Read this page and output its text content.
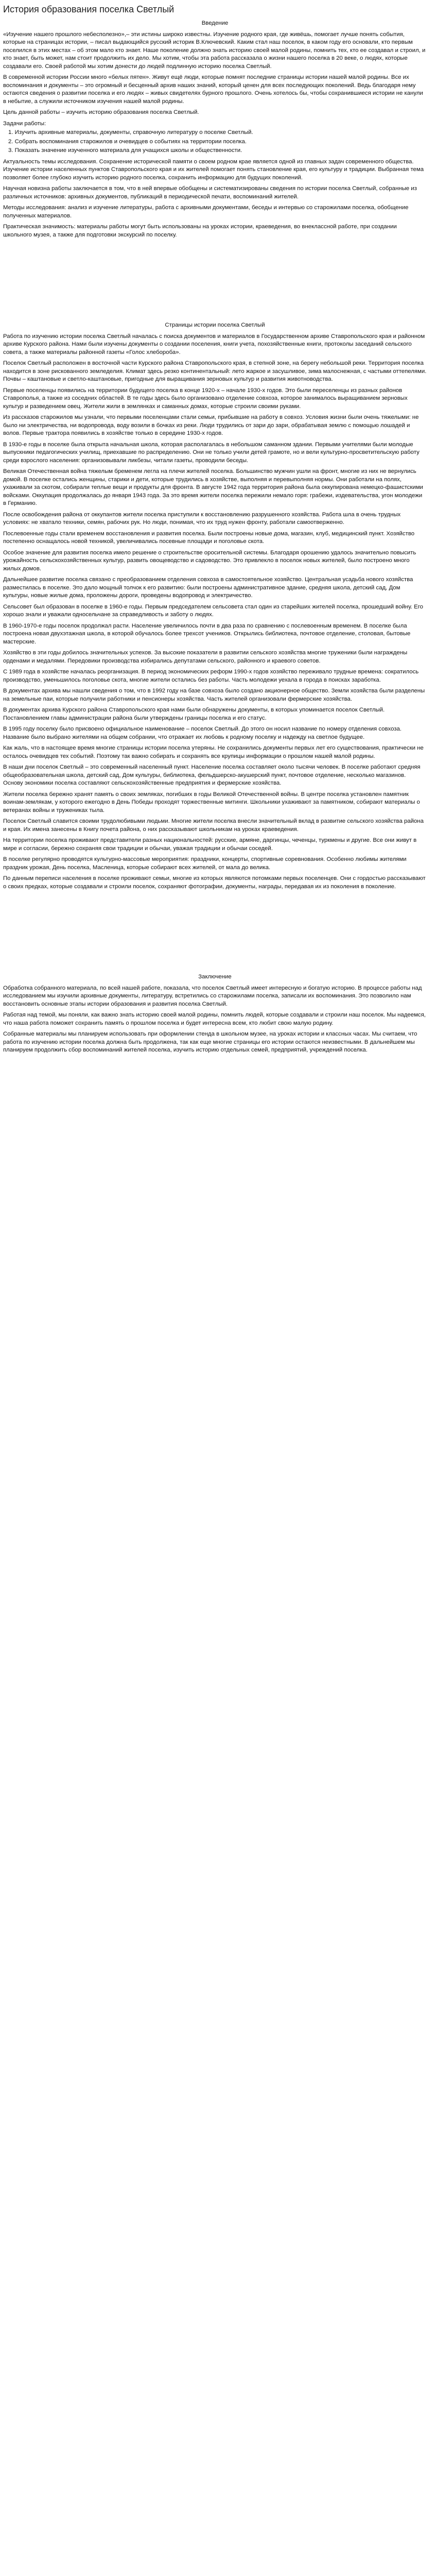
История образования поселка Светлый
Введение

«Изучение нашего прошлого небесполезно»,– эти истины широко известны. Изучение родного края, где живёшь, помогает лучше понять события, которые на страницах истории, – писал выдающийся русский историк В.Ключевский. Каким стал наш поселок, в каком году его основали, кто первым поселился в этих местах – об этом мало кто знает. Наше поколение должно знать историю своей малой родины, помнить тех, кто ее создавал и строил, и кто знает, быть может, нам стоит продолжить их дело. Мы хотим, чтобы эта работа рассказала о жизни нашего поселка в 20 веке, о людях, которые создавали его. Своей работой мы хотим донести до людей подлинную историю поселка Светлый.

В современной истории России много «белых пятен». Живут ещё люди, которые помнят последние страницы истории нашей малой родины. Все их воспоминания и документы – это огромный и бесценный архив наших знаний, который ценен для всех последующих поколений. Ведь благодаря нему остаются сведения о развитии поселка и его людях – живых свидетелях бурного прошлого. Очень хотелось бы, чтобы сохранившиеся истории не канули в небытие, а служили источником изучения нашей малой родины.

Цель данной работы – изучить историю образования поселка Светлый.

Задачи работы:
1. Изучить архивные материалы, документы, справочную литературу о поселке Светлый.
2. Собрать воспоминания старожилов и очевидцев о событиях на территории поселка.
3. Показать значение изученного материала для учащихся школы и общественности.

Актуальность темы исследования. Сохранение исторической памяти о своем родном крае является одной из главных задач современного общества. Изучение истории населенных пунктов Ставропольского края и их жителей помогает понять становление края, его культуру и традиции. Выбранная тема позволяет более глубоко изучить историю родного поселка, сохранить информацию для будущих поколений.

Научная новизна работы заключается в том, что в ней впервые обобщены и систематизированы сведения по истории поселка Светлый, собранные из различных источников: архивных документов, публикаций в периодической печати, воспоминаний жителей.

Методы исследования: анализ и изучение литературы, работа с архивными документами, беседы и интервью со старожилами поселка, обобщение полученных материалов.

Практическая значимость: материалы работы могут быть использованы на уроках истории, краеведения, во внеклассной работе, при создании школьного музея, а также для подготовки экскурсий по поселку.

Страницы истории поселка Светлый

Работа по изучению истории поселка Светлый началась с поиска документов и материалов в Государственном архиве Ставропольского края и районном архиве Курского района. Нами были изучены документы о создании поселения, книги учета, похозяйственные книги, протоколы заседаний сельского совета, а также материалы районной газеты «Голос хлебороба».

Поселок Светлый расположен в восточной части Курского района Ставропольского края, в степной зоне, на берегу небольшой реки. Территория поселка находится в зоне рискованного земледелия. Климат здесь резко континентальный: лето жаркое и засушливое, зима малоснежная, с частыми оттепелями. Почвы – каштановые и светло-каштановые, пригодные для выращивания зерновых культур и развития животноводства.

Первые поселенцы появились на территории будущего поселка в конце 1920-х – начале 1930-х годов. Это были переселенцы из разных районов Ставрополья, а также из соседних областей. В те годы здесь было организовано отделение совхоза, которое занималось выращиванием зерновых культур и разведением овец. Жители жили в землянках и саманных домах, которые строили своими руками.

Из рассказов старожилов мы узнали, что первыми поселенцами стали семьи, прибывшие на работу в совхоз. Условия жизни были очень тяжелыми: не было ни электричества, ни водопровода, воду возили в бочках из реки. Люди трудились от зари до зари, обрабатывая землю с помощью лошадей и волов. Первые трактора появились в хозяйстве только в середине 1930-х годов.

В 1930-е годы в поселке была открыта начальная школа, которая располагалась в небольшом саманном здании. Первыми учителями были молодые выпускники педагогических училищ, приехавшие по распределению. Они не только учили детей грамоте, но и вели культурно-просветительскую работу среди взрослого населения: организовывали ликбезы, читали газеты, проводили беседы.

Великая Отечественная война тяжелым бременем легла на плечи жителей поселка. Большинство мужчин ушли на фронт, многие из них не вернулись домой. В поселке остались женщины, старики и дети, которые трудились в хозяйстве, выполняя и перевыполняя нормы. Они работали на полях, ухаживали за скотом, собирали теплые вещи и продукты для фронта. В августе 1942 года территория района была оккупирована немецко-фашистскими войсками. Оккупация продолжалась до января 1943 года. За это время жители поселка пережили немало горя: грабежи, издевательства, угон молодежи в Германию.

После освобождения района от оккупантов жители поселка приступили к восстановлению разрушенного хозяйства. Работа шла в очень трудных условиях: не хватало техники, семян, рабочих рук. Но люди, понимая, что их труд нужен фронту, работали самоотверженно.

Послевоенные годы стали временем восстановления и развития поселка. Были построены новые дома, магазин, клуб, медицинский пункт. Хозяйство постепенно оснащалось новой техникой, увеличивались посевные площади и поголовье скота.

Особое значение для развития поселка имело решение о строительстве оросительной системы. Благодаря орошению удалось значительно повысить урожайность сельскохозяйственных культур, развить овощеводство и садоводство. Это привлекло в поселок новых жителей, было построено много жилых домов.

Дальнейшее развитие поселка связано с преобразованием отделения совхоза в самостоятельное хозяйство. Центральная усадьба нового хозяйства разместилась в поселке. Это дало мощный толчок к его развитию: были построены административное здание, средняя школа, детский сад, Дом культуры, новые жилые дома, проложены дороги, проведены водопровод и электричество.

Сельсовет был образован в поселке в 1960-е годы. Первым председателем сельсовета стал один из старейших жителей поселка, прошедший войну. Его хорошо знали и уважали односельчане за справедливость и заботу о людях.

В 1960-1970-е годы поселок продолжал расти. Население увеличилось почти в два раза по сравнению с послевоенным временем. В поселке была построена новая двухэтажная школа, в которой обучалось более трехсот учеников. Открылись библиотека, почтовое отделение, столовая, бытовые мастерские.

Хозяйство в эти годы добилось значительных успехов. За высокие показатели в развитии сельского хозяйства многие труженики были награждены орденами и медалями. Передовики производства избирались депутатами сельского, районного и краевого советов.

С 1989 года в хозяйстве началась реорганизация. В период экономических реформ 1990-х годов хозяйство переживало трудные времена: сократилось производство, уменьшилось поголовье скота, многие жители остались без работы. Часть молодежи уехала в города в поисках заработка.

В документах архива мы нашли сведения о том, что в 1992 году на базе совхоза было создано акционерное общество. Земли хозяйства были разделены на земельные паи, которые получили работники и пенсионеры хозяйства. Часть жителей организовали фермерские хозяйства.

В документах архива Курского района Ставропольского края нами были обнаружены документы, в которых упоминается поселок Светлый. Постановлением главы администрации района были утверждены границы поселка и его статус.

В 1995 году поселку было присвоено официальное наименование – поселок Светлый. До этого он носил название по номеру отделения совхоза. Название было выбрано жителями на общем собрании, что отражает их любовь к родному поселку и надежду на светлое будущее.

Как жаль, что в настоящее время многие страницы истории поселка утеряны. Не сохранились документы первых лет его существования, практически не осталось очевидцев тех событий. Поэтому так важно собирать и сохранять все крупицы информации о прошлом нашей малой родины.

В наши дни поселок Светлый – это современный населенный пункт. Население поселка составляет около тысячи человек. В поселке работают средняя общеобразовательная школа, детский сад, Дом культуры, библиотека, фельдшерско-акушерский пункт, почтовое отделение, несколько магазинов. Основу экономики поселка составляют сельскохозяйственные предприятия и фермерские хозяйства.

Жители поселка бережно хранят память о своих земляках, погибших в годы Великой Отечественной войны. В центре поселка установлен памятник воинам-землякам, у которого ежегодно в День Победы проходят торжественные митинги. Школьники ухаживают за памятником, собирают материалы о ветеранах войны и тружениках тыла.

Поселок Светлый славится своими трудолюбивыми людьми. Многие жители поселка внесли значительный вклад в развитие сельского хозяйства района и края. Их имена занесены в Книгу почета района, о них рассказывают школьникам на уроках краеведения.

На территории поселка проживают представители разных национальностей: русские, армяне, даргинцы, чеченцы, туркмены и другие. Все они живут в мире и согласии, бережно сохраняя свои традиции и обычаи, уважая традиции и обычаи соседей.

В поселке регулярно проводятся культурно-массовые мероприятия: праздники, концерты, спортивные соревнования. Особенно любимы жителями праздник урожая, День поселка, Масленица, которые собирают всех жителей, от мала до велика.

По данным переписи населения в поселке проживают семьи, многие из которых являются потомками первых поселенцев. Они с гордостью рассказывают о своих предках, которые создавали и строили поселок, сохраняют фотографии, документы, награды, передавая их из поколения в поколение.

Заключение

Обработка собранного материала, по всей нашей работе, показала, что поселок Светлый имеет интересную и богатую историю. В процессе работы над исследованием мы изучили архивные документы, литературу, встретились со старожилами поселка, записали их воспоминания. Это позволило нам восстановить основные этапы истории образования и развития поселка Светлый.

Работая над темой, мы поняли, как важно знать историю своей малой родины, помнить людей, которые создавали и строили наш поселок. Мы надеемся, что наша работа поможет сохранить память о прошлом поселка и будет интересна всем, кто любит свою малую родину.

Собранные материалы мы планируем использовать при оформлении стенда в школьном музее, на уроках истории и классных часах. Мы считаем, что работа по изучению истории поселка должна быть продолжена, так как еще многие страницы его истории остаются неизвестными. В дальнейшем мы планируем продолжить сбор воспоминаний жителей поселка, изучить историю отдельных семей, предприятий, учреждений поселка.
